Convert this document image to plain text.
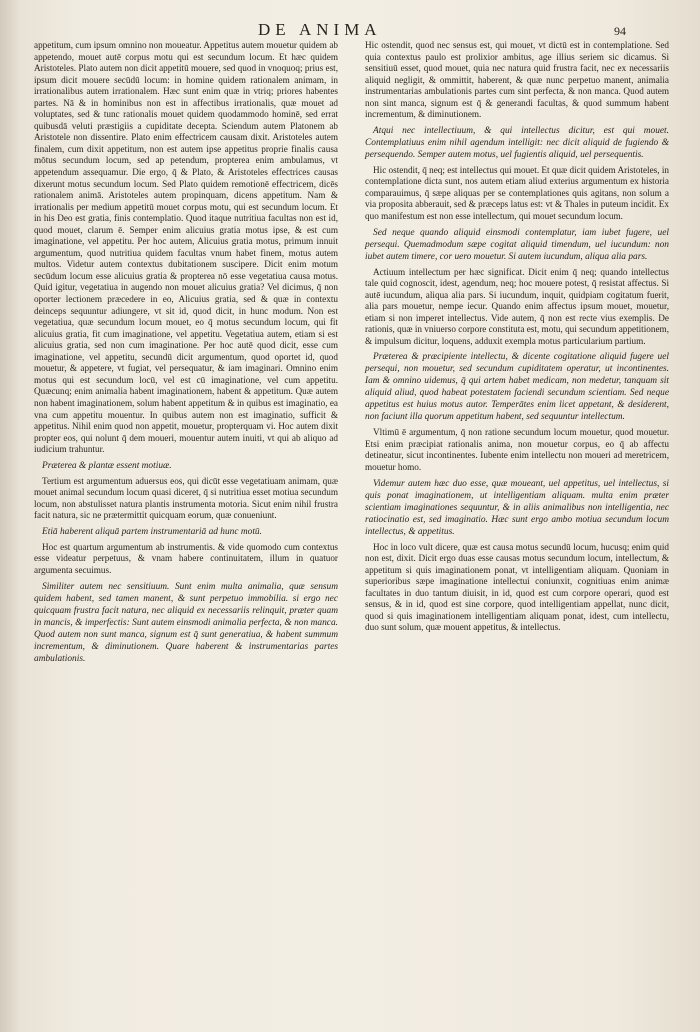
DE ANIMA	94

appetitum, cum ipsum omnino non moueatur. Appetitus autem mouetur quidem ab appetendo, mouet autē corpus motu qui est secundum locum. Et hæc quidem Aristoteles. Plato autem non dicit appetitū mouere, sed quod in vnoquoq; prius est, ipsum dicit mouere secūdū locum: in homine quidem rationalem animam, in irrationalibus autem irrationalem. Hæc sunt enim quæ in vtriq; priores habentes partes. Nā & in hominibus non est in affectibus irrationalis, quæ mouet ad voluptates, sed & tunc rationalis mouet quidem quodammodo hominē, sed errat quibusdā veluti præstigiis a cupiditate decepta. Sciendum autem Platonem ab Aristotele non dissentire. Plato enim effectricem causam dixit. Aristoteles autem finalem, cum dixit appetitum, non est autem ipse appetitus proprie finalis causa mōtus secundum locum, sed ap petendum, propterea enim ambulamus, vt appetendum assequamur. Die ergo, q̄ & Plato, & Aristoteles effectrices causas dixerunt motus secundum locum. Sed Plato quidem remotionē effectricem, dicēs rationalem animā. Aristoteles autem propinquam, dicens appetitum. Nam & irrationalis per medium appetitū mouet corpus motu, qui est secundum locum. Et in his Deo est gratia, finis contemplatio. Quod itaque nutritiua facultas non est id, quod mouet, clarum ē. Semper enim alicuius gratia motus ipse, & est cum imaginatione, vel appetitu. Per hoc autem, Alicuius gratia motus, primum innuit argumentum, quod nutritiua quidem facultas vnum habet finem, motus autem multos. Videtur autem contextus dubitationem suscipere. Dicit enim motum secūdum locum esse alicuius gratia & propterea nō esse vegetatiua causa motus. Quid igitur, vegetatiua in augendo non mouet alicuius gratia? Vel dicimus, q̄ non oporter lectionem præcedere in eo, Alicuius gratia, sed & quæ in contextu deinceps sequuntur adiungere, vt sit id, quod dicit, in hunc modum. Non est vegetatiua, quæ secundum locum mouet, eo q̄ motus secundum locum, qui fit alicuius gratia, fit cum imaginatione, vel appetitu. Vegetatiua autem, etiam si est alicuius gratia, sed non cum imaginatione. Per hoc autē quod dicit, esse cum imaginatione, vel appetitu, secundū dicit argumentum, quod oportet id, quod mouetur, & appetere, vt fugiat, vel persequatur, & iam imaginari. Omnino enim motus qui est secundum locū, vel est cū imaginatione, vel cum appetitu. Quæcunq; enim animalia habent imaginationem, habent & appetitum. Quæ autem non habent imaginationem, solum habent appetitum & in quibus est imaginatio, ea vna cum appetitu mouentur. In quibus autem non est imaginatio, sufficit & appetitus. Nihil enim quod non appetit, mouetur, propterquam vi. Hoc autem dixit propter eos, qui nolunt q̄ dem moueri, mouentur autem inuiti, vt qui ab aliquo ad iudicium trahuntur.

Præterea & plantæ essent motiuæ.

Tertium est argumentum aduersus eos, qui dicūt esse vegetatiuam animam, quæ mouet animal secundum locum quasi diceret, q̄ si nutritiua esset motiua secundum locum, non abstulisset natura plantis instrumenta motoria. Sicut enim nihil frustra facit natura, sic ne prætermittit quicquam eorum, quæ conueniunt.

Etiā haberent aliquā partem instrumentariā ad hunc motū.

Hoc est quartum argumentum ab instrumentis. & vide quomodo cum contextus esse videatur perpetuus, & vnam habere continuitatem, illum in quatuor argumenta secuimus.

Similiter autem nec sensitiuum. Sunt enim multa animalia, quæ sensum quidem habent, sed tamen manent, & sunt perpetuo immobilia. si ergo nec quicquam frustra facit natura, nec aliquid ex necessariis relinquit, præter quam in mancis, & imperfectis: Sunt autem einsmodi animalia perfecta, & non manca. Quod autem non sunt manca, signum est q̄ sunt generatiua, & habent summum incrementum, & diminutionem. Quare haberent & instrumentarias partes ambulationis.

Hic ostendit, quod nec sensus est, qui mouet, vt dictū est in contemplatione. Sed quia contextus paulo est prolixior ambitus, age illius seriem sic dicamus. Si sensitiuū esset, quod mouet, quia nec natura quid frustra facit, nec ex necessariis aliquid negligit, & ommittit, haberent, & quæ nunc perpetuo manent, animalia instrumentarias ambulationis partes cum sint perfecta, & non manca. Quod autem non sint manca, signum est q̄ & generandi facultas, & quod summum habent incrementum, & diminutionem.

Atqui nec intellectiuum, & qui intellectus dicitur, est qui mouet. Contemplatiuus enim nihil agendum intelligit: nec dicit aliquid de fugiendo & persequendo. Semper autem motus, uel fugientis aliquid, uel persequentis.

Hic ostendit, q̄ neq; est intellectus qui mouet. Et quæ dicit quidem Aristoteles, in contemplatione dicta sunt, nos autem etiam aliud exterius argumentum ex historia comparauimus, q̄ sæpe aliquas per se contemplationes quis agitans, non solum a via proposita abberauit, sed & præceps latus est: vt & Thales in puteum incidit. Ex quo manifestum est non esse intellectum, qui mouet secundum locum.

Sed neque quando aliquid einsmodi contemplatur, iam iubet fugere, uel persequi. Quemadmodum sæpe cogitat aliquid timendum, uel iucundum: non iubet autem timere, cor uero mouetur. Si autem iucundum, aliqua alia pars.

Actiuum intellectum per hæc significat. Dicit enim q̄ neq; quando intellectus tale quid cognoscit, idest, agendum, neq; hoc mouere potest, q̄ resistat affectus. Si autē iucundum, aliqua alia pars. Si iucundum, inquit, quidpiam cogitatum fuerit, alia pars mouetur, nempe iecur. Quando enim affectus ipsum mouet, mouetur, etiam si non imperet intellectus. Vide autem, q̄ non est recte vius exemplis. De rationis, quæ in vniuerso corpore constituta est, motu, qui secundum appetitionem, & impulsum dicitur, loquens, adduxit exempla motus particularium partium.

Præterea & præcipiente intellectu, & dicente cogitatione aliquid fugere uel persequi, non mouetur, sed secundum cupiditatem operatur, ut incontinentes. Iam & omnino uidemus, q̄ qui artem habet medicam, non medetur, tanquam sit aliquid aliud, quod habeat potestatem faciendi secundum scientiam. Sed neque appetitus est huius motus autor. Temperātes enim licet appetant, & desiderent, non faciunt illa quorum appetitum habent, sed sequuntur intellectum.

Vltimū ē argumentum, q̄ non ratione secundum locum mouetur, quod mouetur. Etsi enim præcipiat rationalis anima, non mouetur corpus, eo q̄ ab affectu detineatur, sicut incontinentes. Iubente enim intellectu non moueri ad meretricem, mouetur homo.

Videmur autem hæc duo esse, quæ moueant, uel appetitus, uel intellectus, si quis ponat imaginationem, ut intelligentiam aliquam. multa enim præter scientiam imaginationes sequuntur, & in aliis animalibus non intelligentia, nec ratiocinatio est, sed imaginatio. Hæc sunt ergo ambo motiua secundum locum intellectus, & appetitus.

Hoc in loco vult dicere, quæ est causa motus secundū locum, hucusq; enim quid non est, dixit. Dicit ergo duas esse causas motus secundum locum, intellectum, & appetitum si quis imaginationem ponat, vt intelligentiam aliquam. Quoniam in superioribus sæpe imaginatione intellectui coniunxit, cognitiuas enim animæ facultates in duo tantum diuisit, in id, quod est cum corpore operari, quod est sensus, & in id, quod est sine corpore, quod intelligentiam appellat, nunc dicit, quod si quis imaginationem intelligentiam aliquam ponat, idest, cum intellectu, duo sunt solum, quæ mouent appetitus, & intellectus.
